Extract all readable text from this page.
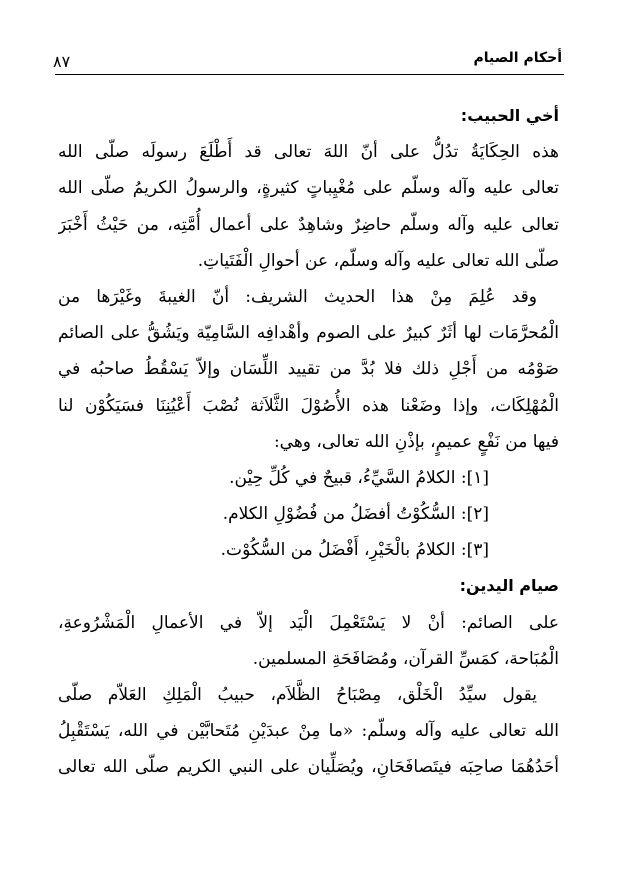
أحكام الصيام
٨٧
أخي الحبيب:
هذه الحِكَايَةُ تدُلُّ على أنّ اللهَ تعالى قد أَطْلَعَ رسولَه صلّى الله
تعالى عليه وآله وسلّم على مُغْيِباتٍ كثيرةٍ، والرسولُ الكريمُ صلّى الله
تعالى عليه وآله وسلّم حاضِرٌ وشاهِدٌ على أعمال أُمَّتِه، من حَيْثُ أَخْبَرَ
صلّى الله تعالى عليه وآله وسلّم، عن أحوالِ الْفَتَياتِ.
وقد عُلِمَ مِنْ هذا الحديث الشريف: أنّ الغيبةَ وغَيْرَها من
الْمُحرَّمَات لها أثَرٌ كبيرٌ على الصوم وأهْدافِه السَّامِيّة ويَشُقُّ على الصائم
صَوْمُه من أَجْلِ ذلك فلا بُدَّ من تقييد اللِّسَان وإلاّ يَسْقُطُ صاحبُه في
الْمُهْلِكَات، وإذا وضَعْنا هذه الأُصُوْلَ الثَّلاَثة نُصْبَ أَعْيُنِنَا فسَيَكُوْن لنا
فيها من نَفْعٍ عميمٍ، بإذْنِ الله تعالى، وهي:
[١]: الكلامُ السَّيِّءُ، قبيحٌ في كُلِّ حِيْن.
[٢]: السُّكُوْتُ أفضَلُ من فُضُوْلِ الكلام.
[٣]: الكلامُ بالْخَيْرِ، أَفْضَلُ من السُّكُوْت.
صيام اليدين:
على الصائم: أنْ لا يَسْتَعْمِلَ الْيَد إلاّ في الأعمالِ الْمَشْرُوعةِ،
الْمُبَاحة، كمَسِّ القرآن، ومُصَافَحَةِ المسلمين.
يقول سيِّدُ الْخَلْق، مِصْبَاحُ الظَّلاَم، حبيبُ الْمَلِكِ العَلاّم صلّى
الله تعالى عليه وآله وسلّم: «ما مِنْ عبدَيْنِ مُتَحابَّيْن في الله، يَسْتَقْبِلُ
أحَدُهُمَا صاحِبَه فيتَصافَحَانِ، ويُصَلِّيان على النبي الكريم صلّى الله تعالى
